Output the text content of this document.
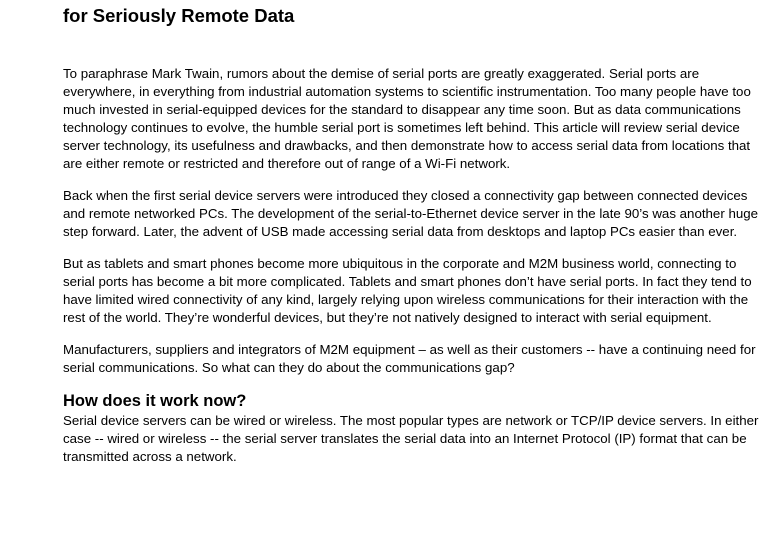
for Seriously Remote Data

To paraphrase Mark Twain, rumors about the demise of serial ports are greatly exaggerated. Serial ports are everywhere, in everything from industrial automation systems to scientific instrumentation. Too many people have too much invested in serial-equipped devices for the standard to disappear any time soon. But as data communications technology continues to evolve, the humble serial port is sometimes left behind. This article will review serial device server technology, its usefulness and drawbacks, and then demonstrate how to access serial data from locations that are either remote or restricted and therefore out of range of a Wi-Fi network.

Back when the first serial device servers were introduced they closed a connectivity gap between connected devices and remote networked PCs. The development of the serial-to-Ethernet device server in the late 90’s was another huge step forward. Later, the advent of USB made accessing serial data from desktops and laptop PCs easier than ever.

But as tablets and smart phones become more ubiquitous in the corporate and M2M business world, connecting to serial ports has become a bit more complicated. Tablets and smart phones don’t have serial ports. In fact they tend to have limited wired connectivity of any kind, largely relying upon wireless communications for their interaction with the rest of the world. They’re wonderful devices, but they’re not natively designed to interact with serial equipment.

Manufacturers, suppliers and integrators of M2M equipment – as well as their customers -- have a continuing need for serial communications. So what can they do about the communications gap?

How does it work now?

Serial device servers can be wired or wireless. The most popular types are network or TCP/IP device servers. In either case -- wired or wireless -- the serial server translates the serial data into an Internet Protocol (IP) format that can be transmitted across a network.
